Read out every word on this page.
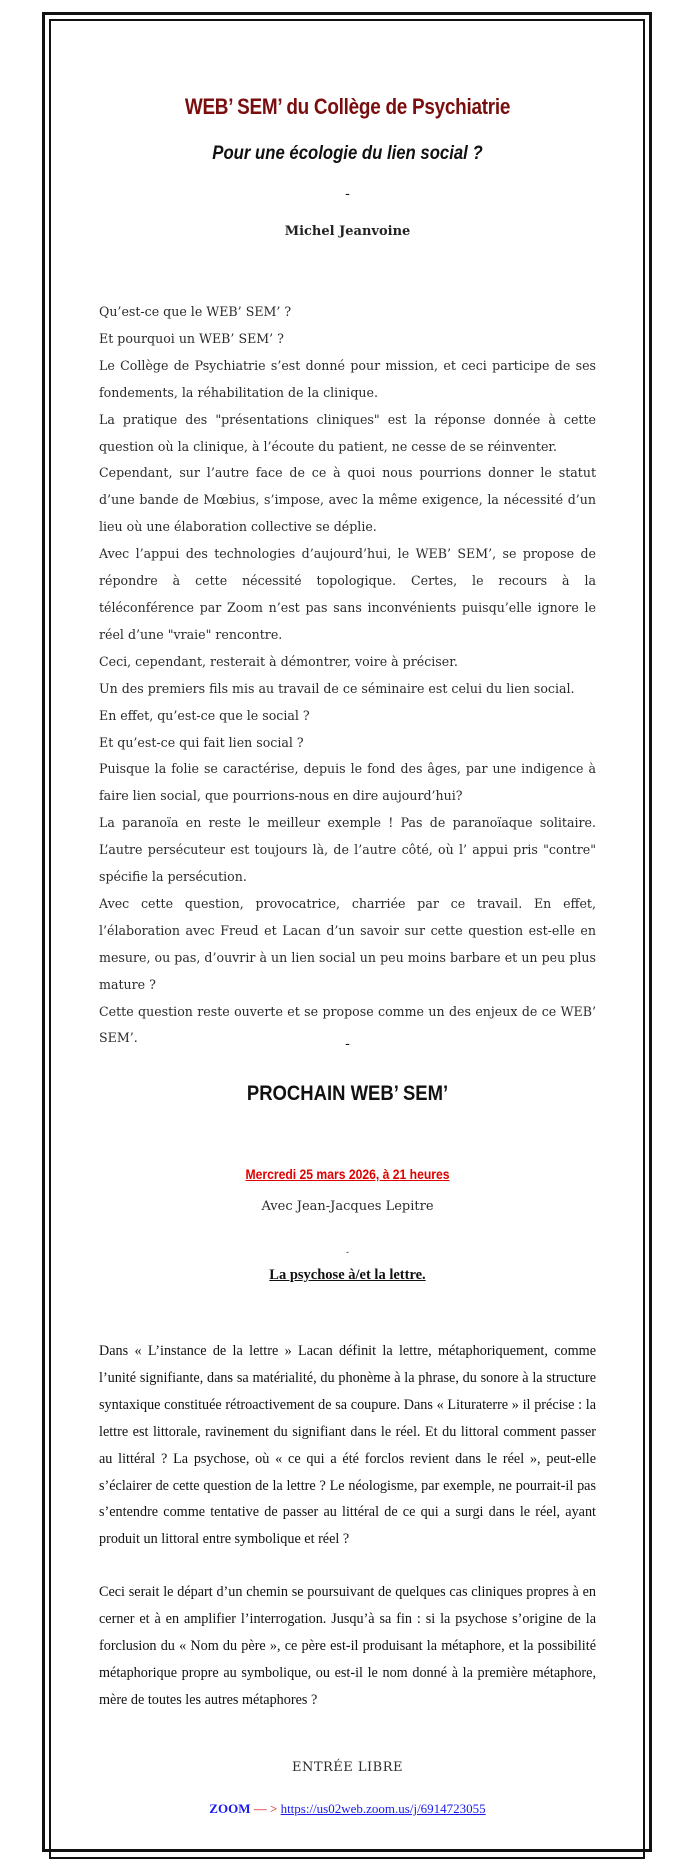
WEB’ SEM’ du Collège de Psychiatrie
Pour une écologie du lien social ?
-
Michel Jeanvoine

Qu’est-ce que le WEB’ SEM’ ?

Et pourquoi un WEB’ SEM’ ?

Le Collège de Psychiatrie s’est donné pour mission, et ceci participe de ses fondements, la réhabilitation de la clinique.

La pratique des "présentations cliniques" est la réponse donnée à cette question où la clinique, à l’écoute du patient, ne cesse de se réinventer.

Cependant, sur l’autre face de ce à quoi nous pourrions donner le statut d’une bande de Mœbius, s’impose, avec la même exigence, la nécessité d’un lieu où une élaboration collective se déplie.

Avec l’appui des technologies d’aujourd’hui, le WEB’ SEM’, se propose de répondre à cette nécessité topologique. Certes, le recours à la téléconférence par Zoom n’est pas sans inconvénients puisqu’elle ignore le réel d’une "vraie" rencontre.

Ceci, cependant, resterait à démontrer, voire à préciser.

Un des premiers fils mis au travail de ce séminaire est celui du lien social.

En effet, qu’est-ce que le social ?

Et qu’est-ce qui fait lien social ?

Puisque la folie se caractérise, depuis le fond des âges, par une indigence à faire lien social, que pourrions-nous en dire aujourd’hui?

La paranoïa en reste le meilleur exemple ! Pas de paranoïaque solitaire. L’autre persécuteur est toujours là, de l’autre côté, où l’ appui pris "contre" spécifie la persécution.

Avec cette question, provocatrice, charriée par ce travail. En effet, l’élaboration avec Freud et Lacan d’un savoir sur cette question est-elle en mesure, ou pas, d’ouvrir à un lien social un peu moins barbare et un peu plus mature ?

Cette question reste ouverte et se propose comme un des enjeux de ce WEB’ SEM’.	-
PROCHAIN WEB’ SEM’
Mercredi 25 mars 2026, à 21 heures
Avec Jean-Jacques Lepitre
-
La psychose à/et la lettre.
Dans « L’instance de la lettre » Lacan définit la lettre, métaphoriquement, comme l’unité signifiante, dans sa matérialité, du phonème à la phrase, du sonore à la structure syntaxique constituée rétroactivement de sa coupure. Dans « Lituraterre » il précise : la lettre est littorale, ravinement du signifiant dans le réel. Et du littoral comment passer au littéral ? La psychose, où « ce qui a été forclos revient dans le réel », peut-elle s’éclairer de cette question de la lettre ? Le néologisme, par exemple, ne pourrait-il pas s’entendre comme tentative de passer au littéral de ce qui a surgi dans le réel, ayant produit un littoral entre symbolique et réel ?
Ceci serait le départ d’un chemin se poursuivant de quelques cas cliniques propres à en cerner et à en amplifier l’interrogation. Jusqu’à sa fin : si la psychose s’origine de la forclusion du « Nom du père », ce père est-il produisant la métaphore, et la possibilité métaphorique propre au symbolique, ou est-il le nom donné à la première métaphore, mère de toutes les autres métaphores ?
ENTRÉE LIBRE
ZOOM — > https://us02web.zoom.us/j/6914723055
